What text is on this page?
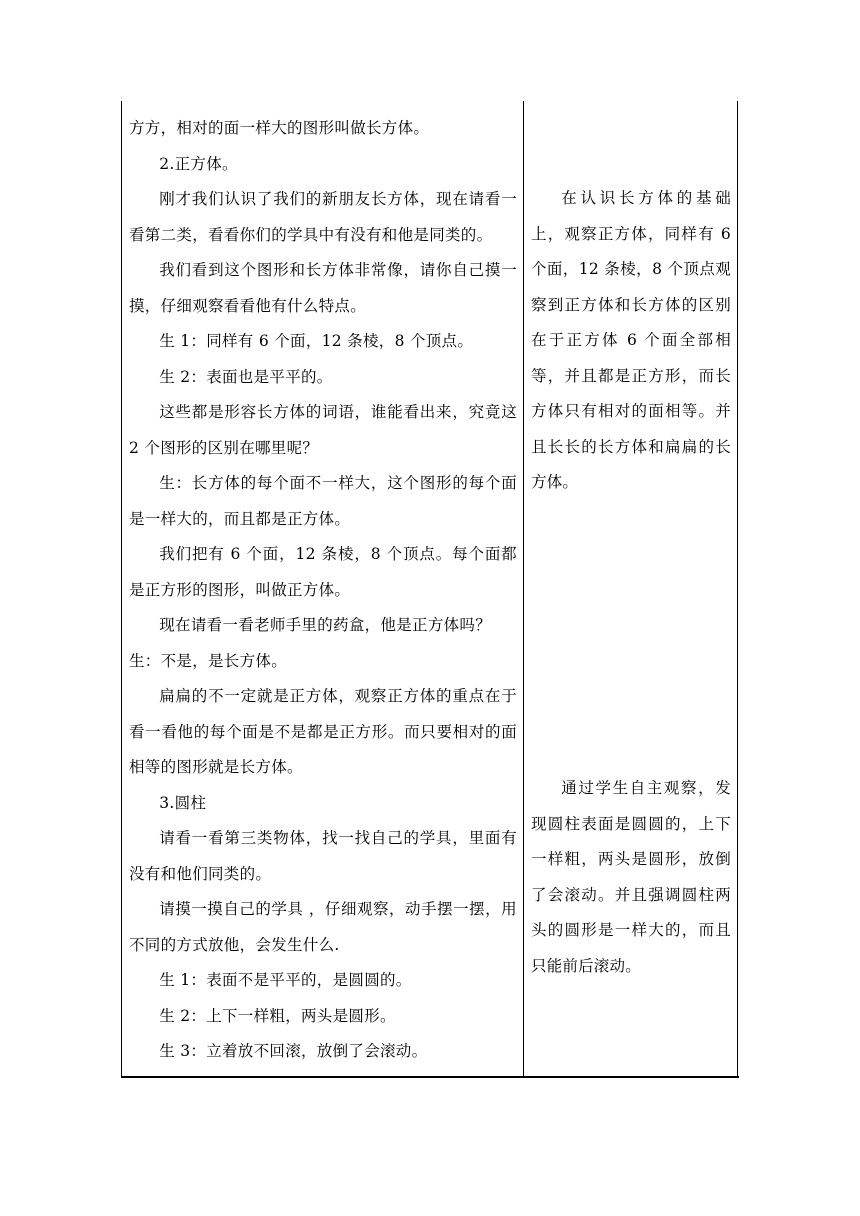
方方，相对的面一样大的图形叫做长方体。

2.正方体。

刚才我们认识了我们的新朋友长方体，现在请看一看第二类，看看你们的学具中有没有和他是同类的。

我们看到这个图形和长方体非常像，请你自己摸一摸，仔细观察看看他有什么特点。

生 1：同样有 6 个面，12 条棱，8 个顶点。

生 2：表面也是平平的。

这些都是形容长方体的词语，谁能看出来，究竟这 2 个图形的区别在哪里呢？

生：长方体的每个面不一样大，这个图形的每个面是一样大的，而且都是正方体。

我们把有 6 个面，12 条棱，8 个顶点。每个面都是正方形的图形，叫做正方体。

现在请看一看老师手里的药盒，他是正方体吗？

生：不是，是长方体。

扁扁的不一定就是正方体，观察正方体的重点在于看一看他的每个面是不是都是正方形。而只要相对的面相等的图形就是长方体。

3.圆柱

请看一看第三类物体，找一找自己的学具，里面有没有和他们同类的。

请摸一摸自己的学具 ，仔细观察，动手摆一摆，用不同的方式放他，会发生什么.

生 1：表面不是平平的，是圆圆的。

生 2：上下一样粗，两头是圆形。

生 3：立着放不回滚，放倒了会滚动。

在认识长方体的基础上，观察正方体，同样有 6 个面，12 条棱，8 个顶点观察到正方体和长方体的区别在于正方体 6 个面全部相等，并且都是正方形，而长方体只有相对的面相等。并且长长的长方体和扁扁的长方体。

通过学生自主观察，发现圆柱表面是圆圆的，上下一样粗，两头是圆形，放倒了会滚动。并且强调圆柱两头的圆形是一样大的，而且只能前后滚动。
